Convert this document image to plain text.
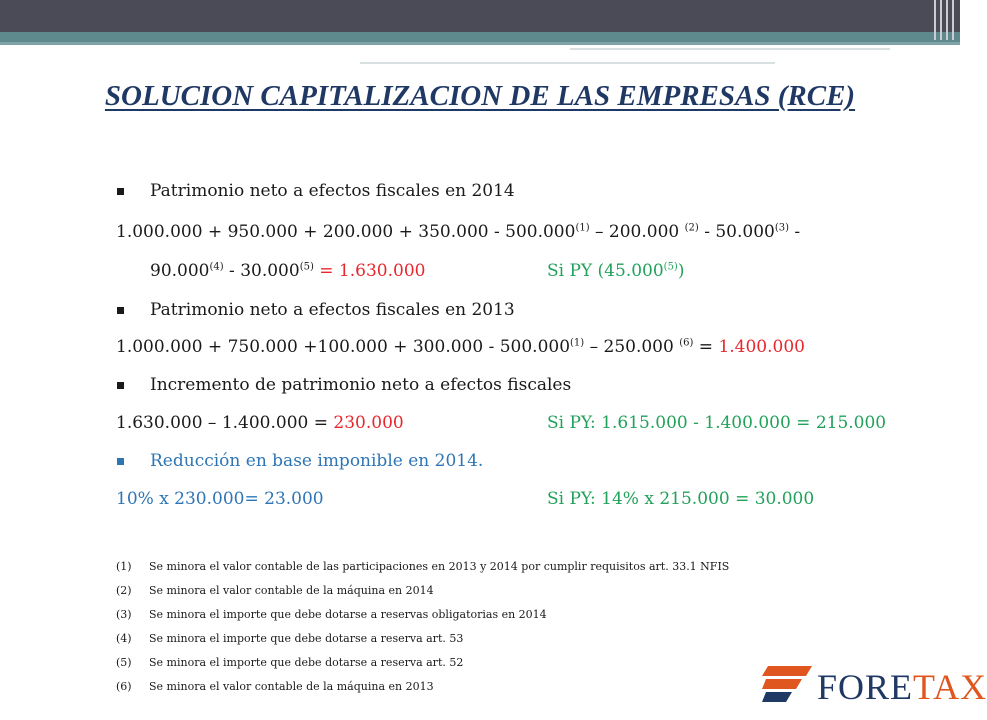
SOLUCION CAPITALIZACION DE LAS EMPRESAS (RCE)
Patrimonio neto a efectos fiscales en 2014
1.000.000 + 950.000 + 200.000 + 350.000 - 500.000$^{(1)}$ – 200.000 $^{(2)}$ - 50.000$^{(3)}$ -
$90.000^{(4)} - 30.000^{(5)} = 1.630.000$	Si PY (45.000$^{(5)}$)
Patrimonio neto a efectos fiscales en 2013
1.000.000 + 750.000 +100.000 + 300.000 - 500.000$^{(1)}$ – 250.000 $^{(6)}$ = 1.400.000
Incremento de patrimonio neto a efectos fiscales
1.630.000 – 1.400.000 = 230.000	Si PY: 1.615.000 - 1.400.000 = 215.000
Reducción en base imponible en 2014.
10% x 230.000= 23.000	Si PY: 14% x 215.000 = 30.000
(1) Se minora el valor contable de las participaciones en 2013 y 2014 por cumplir requisitos art. 33.1 NFIS
(2) Se minora el valor contable de la máquina en 2014
(3) Se minora el importe que debe dotarse a reservas obligatorias en 2014
(4) Se minora el importe que debe dotarse a reserva art. 53
(5) Se minora el importe que debe dotarse a reserva art. 52
(6) Se minora el valor contable de la máquina en 2013	FORETAX
